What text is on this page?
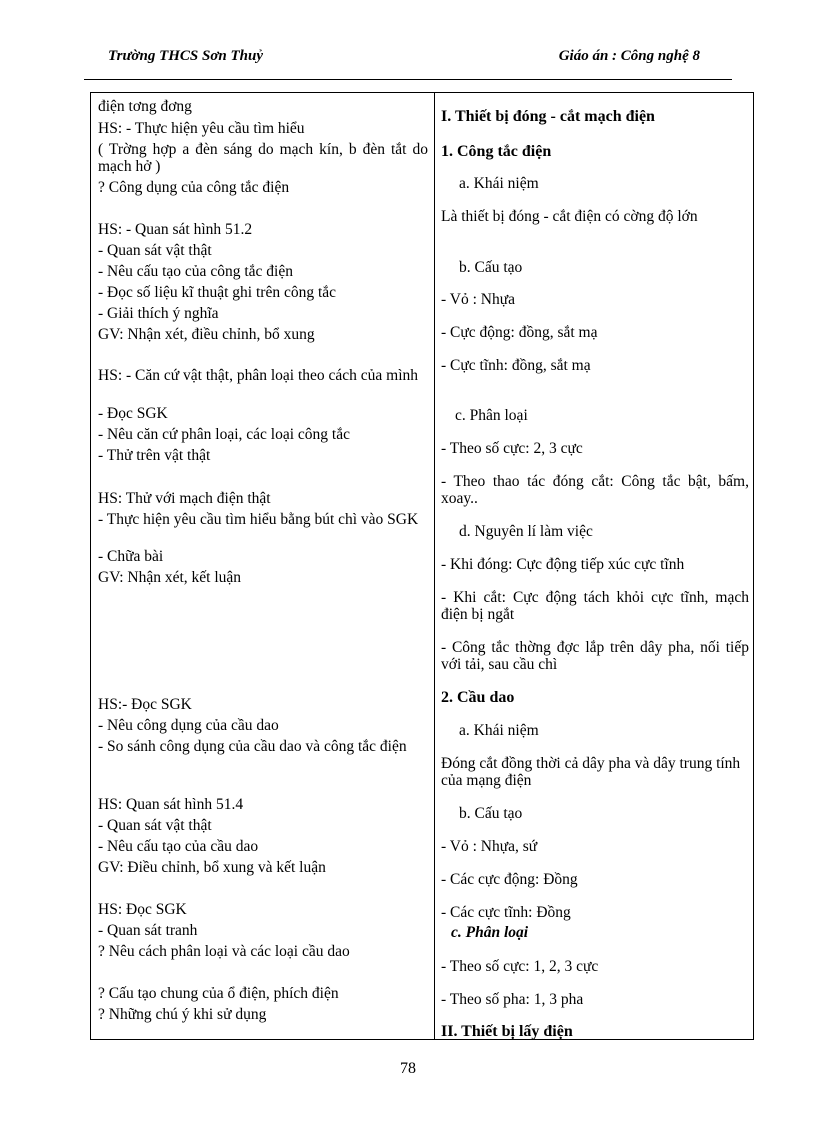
Trường THCS Sơn Thuỷ	Giáo án : Công nghệ 8
điện tơng đơng
HS: - Thực hiện yêu cầu tìm hiểu
( Trờng hợp a đèn sáng do mạch kín, b đèn tắt do mạch hở )
? Công dụng của công tắc điện
HS: - Quan sát hình 51.2
- Quan sát vật thật
- Nêu cấu tạo của công tắc điện
- Đọc số liệu kĩ thuật ghi trên công tắc
- Giải thích ý nghĩa
GV: Nhận xét, điều chỉnh, bổ xung
HS: - Căn cứ vật thật, phân loại theo cách của mình
- Đọc SGK
- Nêu căn cứ phân loại, các loại công tắc
- Thử trên vật thật
HS: Thử với mạch điện thật
- Thực hiện yêu cầu tìm hiểu bằng bút chì vào SGK
- Chữa bài
GV: Nhận xét, kết luận
HS:- Đọc SGK
- Nêu công dụng của cầu dao
- So sánh công dụng của cầu dao và công tắc điện
HS: Quan sát hình 51.4
- Quan sát vật thật
- Nêu cấu tạo của cầu dao
GV: Điều chỉnh, bổ xung và kết luận
HS: Đọc SGK
- Quan sát tranh
? Nêu cách phân loại và các loại cầu dao
? Cấu tạo chung của ổ điện, phích điện
? Những chú ý khi sử dụng
I. Thiết bị đóng - cắt mạch điện
1. Công tắc điện
a. Khái niệm
Là thiết bị đóng - cắt điện có cờng độ lớn
b. Cấu tạo
- Vỏ : Nhựa
- Cực động: đồng, sắt mạ
- Cực tĩnh: đồng, sắt mạ
c. Phân loại
- Theo số cực: 2, 3 cực
- Theo thao tác đóng cắt: Công tắc bật, bấm, xoay..
d. Nguyên lí làm việc
- Khi đóng: Cực động tiếp xúc cực tĩnh
- Khi cắt: Cực động tách khỏi cực tĩnh, mạch điện bị ngắt
- Công tắc thờng đợc lắp trên dây pha, nối tiếp với tải, sau cầu chì
2. Cầu dao
a. Khái niệm
Đóng cắt đồng thời cả dây pha và dây trung tính của mạng điện
b. Cấu tạo
- Vỏ : Nhựa, sứ
- Các cực động: Đồng
- Các cực tĩnh: Đồng
c. Phân loại
- Theo số cực: 1, 2, 3 cực
- Theo số pha: 1, 3 pha
II. Thiết bị lấy điện
78
